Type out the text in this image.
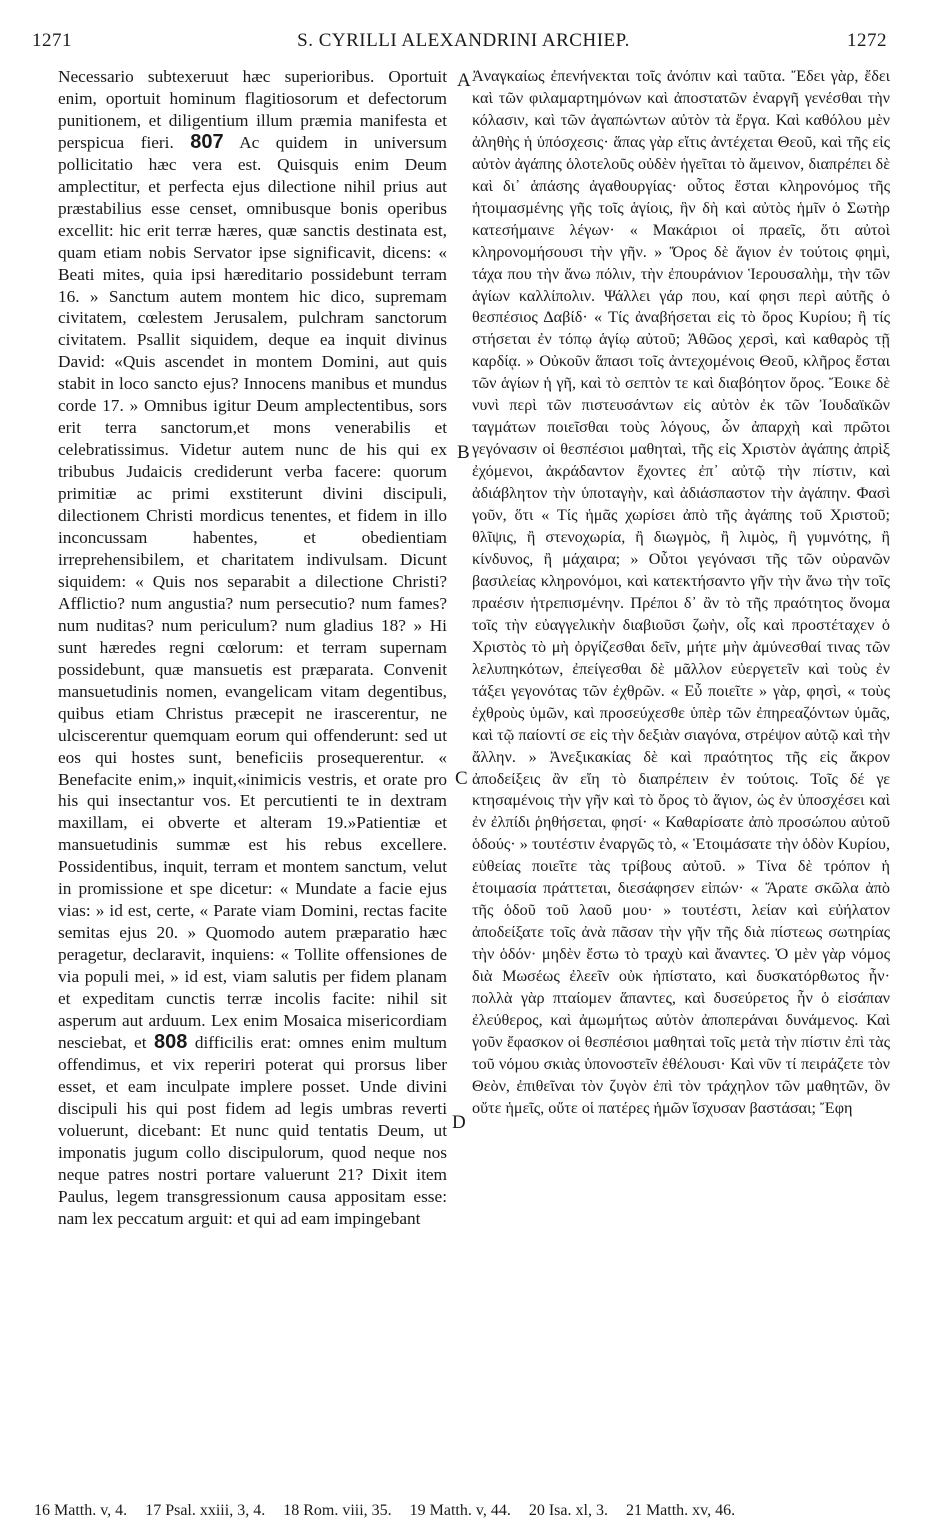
1271	S. CYRILLI ALEXANDRINI ARCHIEP.	1272
A
B
C
D

Necessario subtexeruut hæc superioribus. Oportuit enim, oportuit hominum flagitiosorum et defectorum punitionem, et diligentium illum præmia manifesta et perspicua fieri. 807 Ac quidem in universum pollicitatio hæc vera est. Quisquis enim Deum amplectitur, et perfecta ejus dilectione nihil prius aut præstabilius esse censet, omnibusque bonis operibus excellit: hic erit terræ hæres, quæ sanctis destinata est, quam etiam nobis Servator ipse significavit, dicens: « Beati mites, quia ipsi hæreditario possidebunt terram 16. » Sanctum autem montem hic dico, supremam civitatem, cœlestem Jerusalem, pulchram sanctorum civitatem. Psallit siquidem, deque ea inquit divinus David: «Quis ascendet in montem Domini, aut quis stabit in loco sancto ejus? Innocens manibus et mundus corde 17. » Omnibus igitur Deum amplectentibus, sors erit terra sanctorum,et mons venerabilis et celebratissimus. Videtur autem nunc de his qui ex tribubus Judaicis crediderunt verba facere: quorum primitiæ ac primi exstiterunt divini discipuli, dilectionem Christi mordicus tenentes, et fidem in illo inconcussam habentes, et obedientiam irreprehensibilem, et charitatem indivulsam. Dicunt siquidem: « Quis nos separabit a dilectione Christi? Afflictio? num angustia? num persecutio? num fames? num nuditas? num periculum? num gladius 18? » Hi sunt hæredes regni cœlorum: et terram supernam possidebunt, quæ mansuetis est præparata. Convenit mansuetudinis nomen, evangelicam vitam degentibus, quibus etiam Christus præcepit ne irascerentur, ne ulciscerentur quemquam eorum qui offenderunt: sed ut eos qui hostes sunt, beneficiis prosequerentur. « Benefacite enim,» inquit,«inimicis vestris, et orate pro his qui insectantur vos. Et percutienti te in dextram maxillam, ei obverte et alteram 19.»Patientiæ et mansuetudinis summæ est his rebus excellere. Possidentibus, inquit, terram et montem sanctum, velut in promissione et spe dicetur: « Mundate a facie ejus vias: » id est, certe, « Parate viam Domini, rectas facite semitas ejus 20. » Quomodo autem præparatio hæc peragetur, declaravit, inquiens: « Tollite offensiones de via populi mei, » id est, viam salutis per fidem planam et expeditam cunctis terræ incolis facite: nihil sit asperum aut arduum. Lex enim Mosaica misericordiam nesciebat, et 808 difficilis erat: omnes enim multum offendimus, et vix reperiri poterat qui prorsus liber esset, et eam inculpate implere posset. Unde divini discipuli his qui post fidem ad legis umbras reverti voluerunt, dicebant: Et nunc quid tentatis Deum, ut imponatis jugum collo discipulorum, quod neque nos neque patres nostri portare valuerunt 21? Dixit item Paulus, legem transgressionum causa appositam esse: nam lex peccatum arguit: et qui ad eam impingebant

Ἀναγκαίως ἐπενήνεκται τοῖς ἀνόπιν καὶ ταῦτα. Ἔδει γὰρ, ἔδει καὶ τῶν φιλαμαρτημόνων καὶ ἀποστατῶν ἐναργῆ γενέσθαι τὴν κόλασιν, καὶ τῶν ἀγαπώντων αὐτὸν τὰ ἔργα. Καὶ καθόλου μὲν ἀληθὴς ἡ ὑπόσχεσις· ἅπας γὰρ εἴτις ἀντέχεται Θεοῦ, καὶ τῆς εἰς αὐτὸν ἀγάπης ὁλοτελοῦς οὐδὲν ἡγεῖται τὸ ἄμεινον, διαπρέπει δὲ καὶ δι᾽ ἁπάσης ἀγαθουργίας· οὗτος ἔσται κληρονόμος τῆς ἡτοιμασμένης γῆς τοῖς ἁγίοις, ἣν δὴ καὶ αὐτὸς ἡμῖν ὁ Σωτὴρ κατεσήμαινε λέγων· « Μακάριοι οἱ πραεῖς, ὅτι αὐτοὶ κληρονομήσουσι τὴν γῆν. » Ὄρος δὲ ἅγιον ἐν τούτοις φημὶ, τάχα που τὴν ἄνω πόλιν, τὴν ἐπουράνιον Ἱερουσαλὴμ, τὴν τῶν ἁγίων καλλίπολιν. Ψάλλει γάρ που, καί φησι περὶ αὐτῆς ὁ θεσπέσιος Δαβίδ· « Τίς ἀναβήσεται εἰς τὸ ὄρος Κυρίου; ἢ τίς στήσεται ἐν τόπῳ ἁγίῳ αὐτοῦ; Ἀθῶος χερσὶ, καὶ καθαρὸς τῇ καρδίᾳ. » Οὐκοῦν ἅπασι τοῖς ἀντεχομένοις Θεοῦ, κλῆρος ἔσται τῶν ἁγίων ἡ γῆ, καὶ τὸ σεπτὸν τε καὶ διαβόητον ὄρος. Ἔοικε δὲ νυνὶ περὶ τῶν πιστευσάντων εἰς αὐτὸν ἐκ τῶν Ἰουδαϊκῶν ταγμάτων ποιεῖσθαι τοὺς λόγους, ὧν ἀπαρχὴ καὶ πρῶτοι γεγόνασιν οἱ θεσπέσιοι μαθηταὶ, τῆς εἰς Χριστὸν ἀγάπης ἀπρὶξ ἐχόμενοι, ἀκράδαντον ἔχοντες ἐπ᾽ αὐτῷ τὴν πίστιν, καὶ ἀδιάβλητον τὴν ὑποταγὴν, καὶ ἀδιάσπαστον τὴν ἀγάπην. Φασὶ γοῦν, ὅτι « Τίς ἡμᾶς χωρίσει ἀπὸ τῆς ἀγάπης τοῦ Χριστοῦ; θλῖψις, ἢ στενοχωρία, ἢ διωγμὸς, ἢ λιμὸς, ἢ γυμνότης, ἢ κίνδυνος, ἢ μάχαιρα; » Οὗτοι γεγόνασι τῆς τῶν οὐρανῶν βασιλείας κληρονόμοι, καὶ κατεκτήσαντο γῆν τὴν ἄνω τὴν τοῖς πραέσιν ἡτρεπισμένην. Πρέποι δ᾽ ἂν τὸ τῆς πραότητος ὄνομα τοῖς τὴν εὐαγγελικὴν διαβιοῦσι ζωὴν, οἷς καὶ προστέταχεν ὁ Χριστὸς τὸ μὴ ὀργίζεσθαι δεῖν, μήτε μὴν ἀμύνεσθαί τινας τῶν λελυπηκότων, ἐπείγεσθαι δὲ μᾶλλον εὐεργετεῖν καὶ τοὺς ἐν τάξει γεγονότας τῶν ἐχθρῶν. « Εὖ ποιεῖτε » γὰρ, φησὶ, « τοὺς ἐχθροὺς ὑμῶν, καὶ προσεύχεσθε ὑπὲρ τῶν ἐπηρεαζόντων ὑμᾶς, καὶ τῷ παίοντί σε εἰς τὴν δεξιὰν σιαγόνα, στρέψον αὐτῷ καὶ τὴν ἄλλην. » Ἀνεξικακίας δὲ καὶ πραότητος τῆς εἰς ἄκρον ἀποδείξεις ἂν εἴη τὸ διαπρέπειν ἐν τούτοις. Τοῖς δέ γε κτησαμένοις τὴν γῆν καὶ τὸ ὄρος τὸ ἅγιον, ὡς ἐν ὑποσχέσει καὶ ἐν ἐλπίδι ῥηθήσεται, φησί· « Καθαρίσατε ἀπὸ προσώπου αὐτοῦ ὁδούς· » τουτέστιν ἐναργῶς τὸ, « Ἑτοιμάσατε τὴν ὁδὸν Κυρίου, εὐθείας ποιεῖτε τὰς τρίβους αὐτοῦ. » Τίνα δὲ τρόπον ἡ ἑτοιμασία πράττεται, διεσάφησεν εἰπών· « Ἄρατε σκῶλα ἀπὸ τῆς ὁδοῦ τοῦ λαοῦ μου· » τουτέστι, λείαν καὶ εὐήλατον ἀποδείξατε τοῖς ἀνὰ πᾶσαν τὴν γῆν τῆς διὰ πίστεως σωτηρίας τὴν ὁδόν· μηδὲν ἔστω τὸ τραχὺ καὶ ἄναντες. Ὁ μὲν γὰρ νόμος διὰ Μωσέως ἐλεεῖν οὐκ ἠπίστατο, καὶ δυσκατόρθωτος ἦν· πολλὰ γὰρ πταίομεν ἅπαντες, καὶ δυσεύρετος ἦν ὁ εἰσάπαν ἐλεύθερος, καὶ ἀμωμήτως αὐτὸν ἀποπεράναι δυνάμενος. Καὶ γοῦν ἔφασκον οἱ θεσπέσιοι μαθηταὶ τοῖς μετὰ τὴν πίστιν ἐπὶ τὰς τοῦ νόμου σκιὰς ὑπονοστεῖν ἐθέλουσι· Καὶ νῦν τί πειράζετε τὸν Θεὸν, ἐπιθεῖναι τὸν ζυγὸν ἐπὶ τὸν τράχηλον τῶν μαθητῶν, ὃν οὔτε ἡμεῖς, οὔτε οἱ πατέρες ἡμῶν ἴσχυσαν βαστάσαι; Ἔφη

16 Matth. v, 4. 17 Psal. xxiii, 3, 4. 18 Rom. viii, 35. 19 Matth. v, 44. 20 Isa. xl, 3. 21 Matth. xv, 46.
